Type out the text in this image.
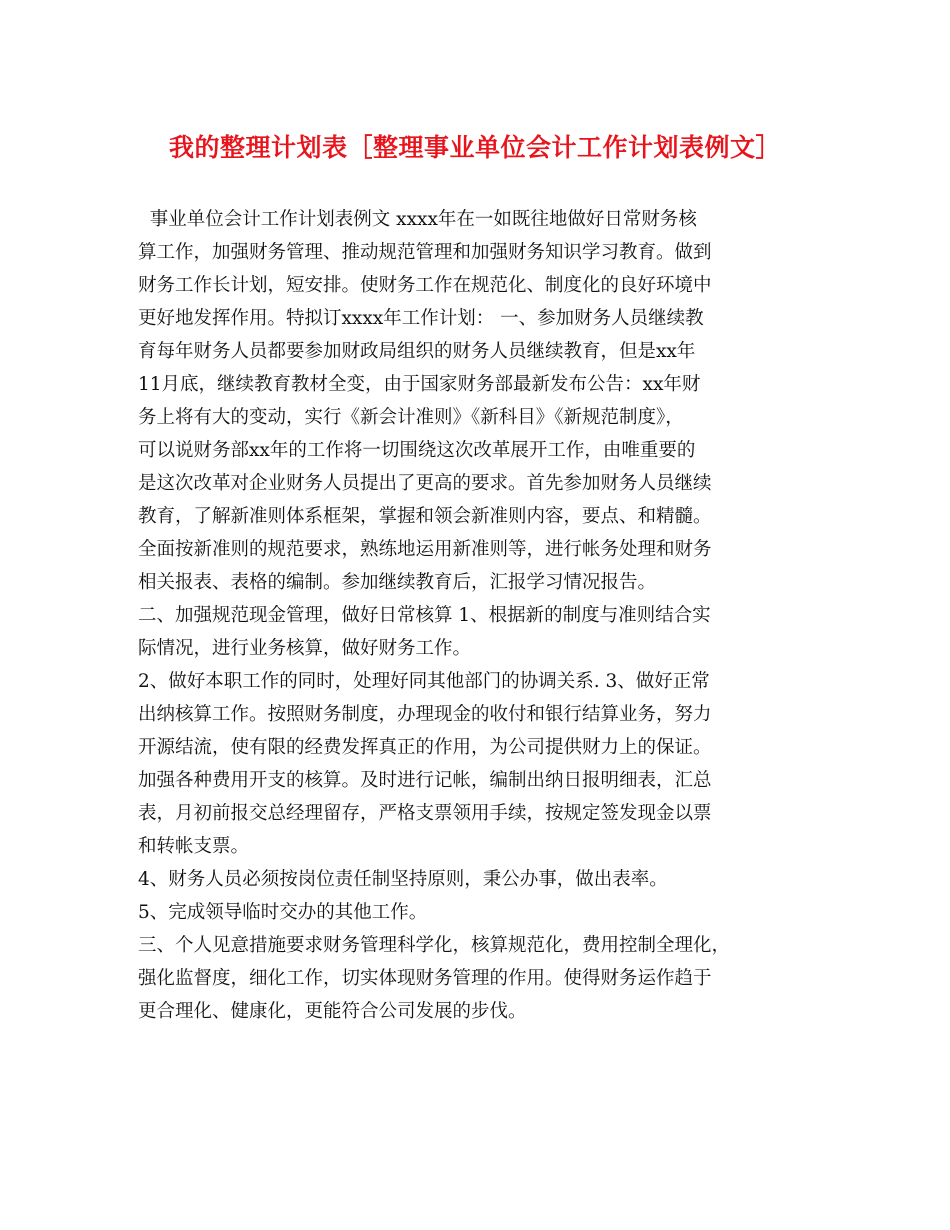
我的整理计划表［整理事业单位会计工作计划表例文］
事业单位会计工作计划表例文 xxxx年在一如既往地做好日常财务核
算工作，加强财务管理、推动规范管理和加强财务知识学习教育。做到
财务工作长计划，短安排。使财务工作在规范化、制度化的良好环境中
更好地发挥作用。特拟订xxxx年工作计划： 一、参加财务人员继续教
育每年财务人员都要参加财政局组织的财务人员继续教育，但是xx年
11月底，继续教育教材全变，由于国家财务部最新发布公告：xx年财
务上将有大的变动，实行《新会计准则》《新科目》《新规范制度》，
可以说财务部xx年的工作将一切围绕这次改革展开工作，由唯重要的
是这次改革对企业财务人员提出了更高的要求。首先参加财务人员继续
教育，了解新准则体系框架，掌握和领会新准则内容，要点、和精髓。
全面按新准则的规范要求，熟练地运用新准则等，进行帐务处理和财务
相关报表、表格的编制。参加继续教育后，汇报学习情况报告。
二、加强规范现金管理，做好日常核算 1、根据新的制度与准则结合实
际情况，进行业务核算，做好财务工作。
2、做好本职工作的同时，处理好同其他部门的协调关系. 3、做好正常
出纳核算工作。按照财务制度，办理现金的收付和银行结算业务，努力
开源结流，使有限的经费发挥真正的作用，为公司提供财力上的保证。
加强各种费用开支的核算。及时进行记帐，编制出纳日报明细表，汇总
表，月初前报交总经理留存，严格支票领用手续，按规定签发现金以票
和转帐支票。
4、财务人员必须按岗位责任制坚持原则，秉公办事，做出表率。
5、完成领导临时交办的其他工作。
三、个人见意措施要求财务管理科学化，核算规范化，费用控制全理化，
强化监督度，细化工作，切实体现财务管理的作用。使得财务运作趋于
更合理化、健康化，更能符合公司发展的步伐。
